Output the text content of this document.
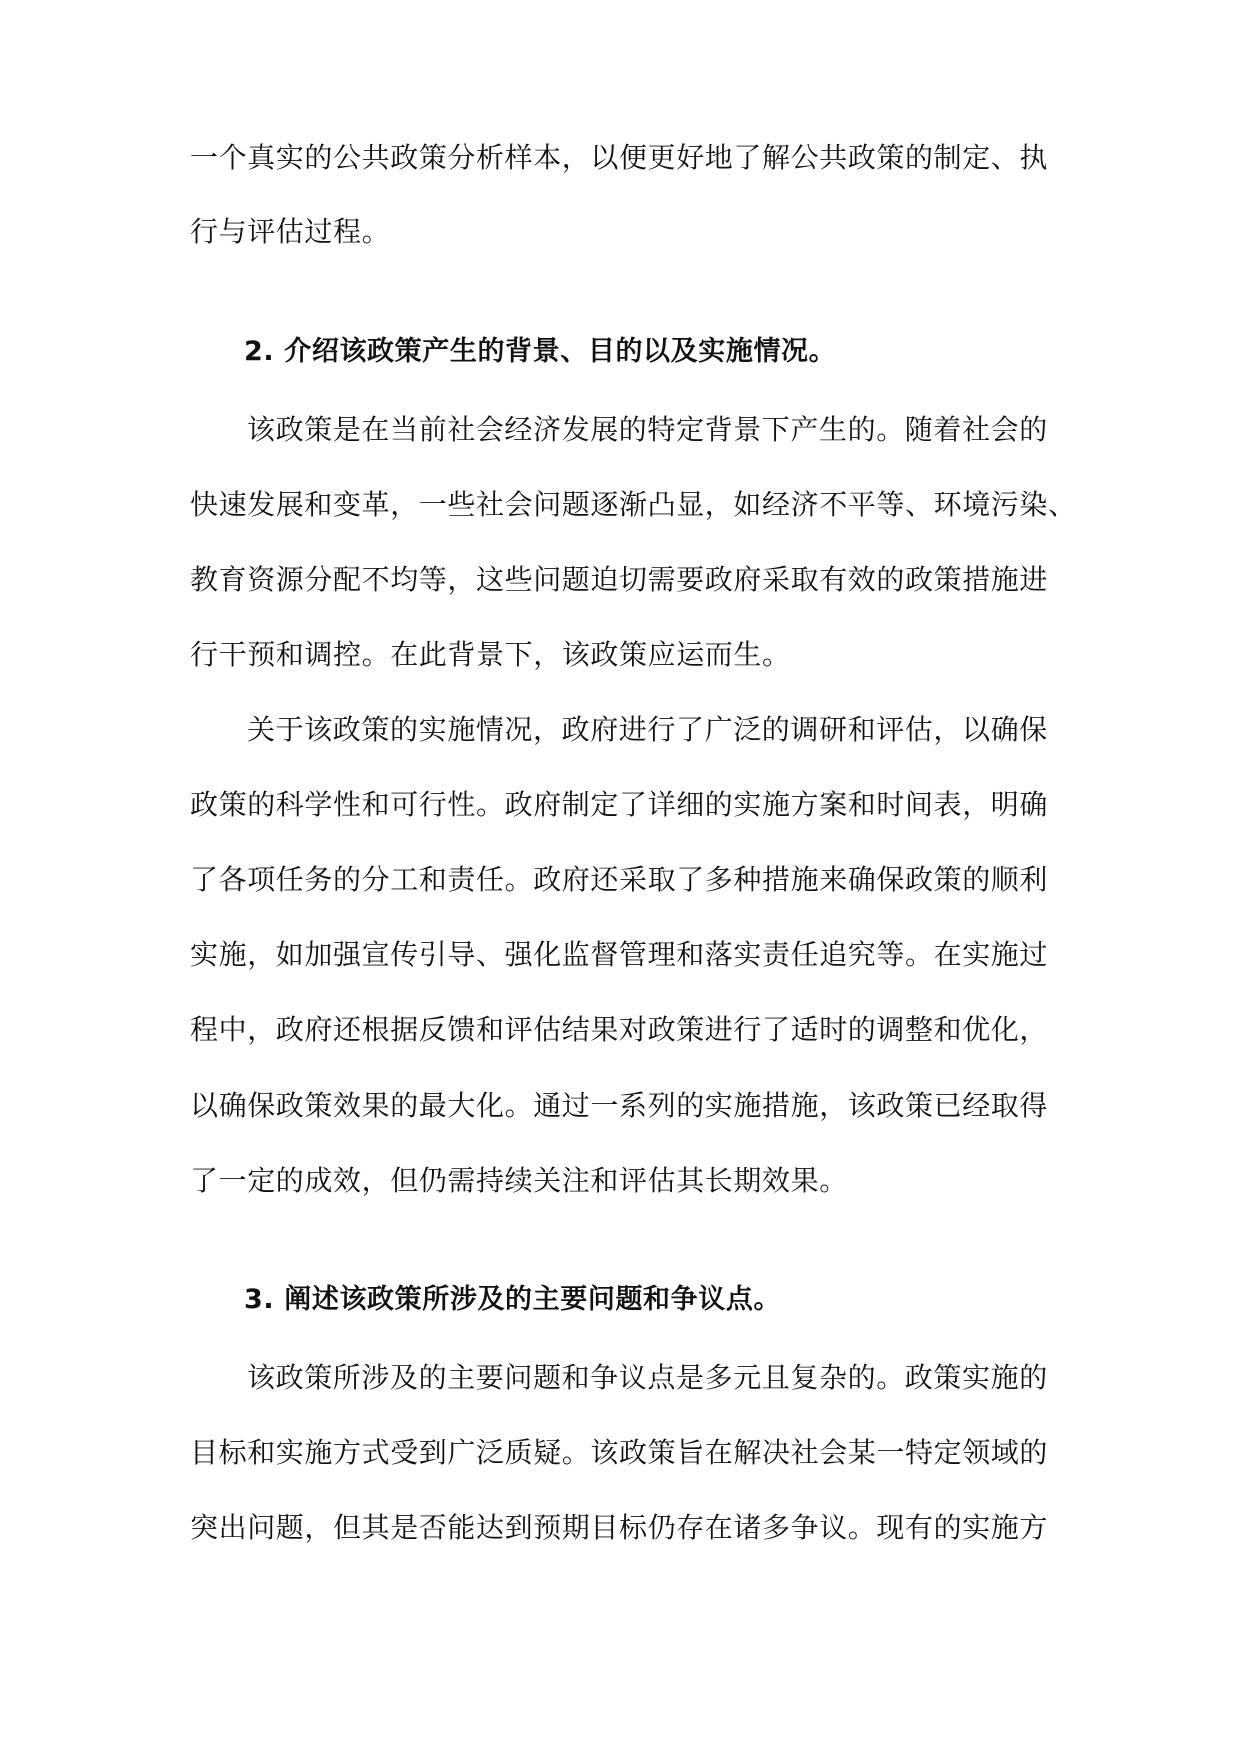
一个真实的公共政策分析样本，以便更好地了解公共政策的制定、执
行与评估过程。
2. 介绍该政策产生的背景、目的以及实施情况。
该政策是在当前社会经济发展的特定背景下产生的。随着社会的
快速发展和变革，一些社会问题逐渐凸显，如经济不平等、环境污染、
教育资源分配不均等，这些问题迫切需要政府采取有效的政策措施进
行干预和调控。在此背景下，该政策应运而生。
关于该政策的实施情况，政府进行了广泛的调研和评估，以确保
政策的科学性和可行性。政府制定了详细的实施方案和时间表，明确
了各项任务的分工和责任。政府还采取了多种措施来确保政策的顺利
实施，如加强宣传引导、强化监督管理和落实责任追究等。在实施过
程中，政府还根据反馈和评估结果对政策进行了适时的调整和优化，
以确保政策效果的最大化。通过一系列的实施措施，该政策已经取得
了一定的成效，但仍需持续关注和评估其长期效果。
3. 阐述该政策所涉及的主要问题和争议点。
该政策所涉及的主要问题和争议点是多元且复杂的。政策实施的
目标和实施方式受到广泛质疑。该政策旨在解决社会某一特定领域的
突出问题，但其是否能达到预期目标仍存在诸多争议。现有的实施方
